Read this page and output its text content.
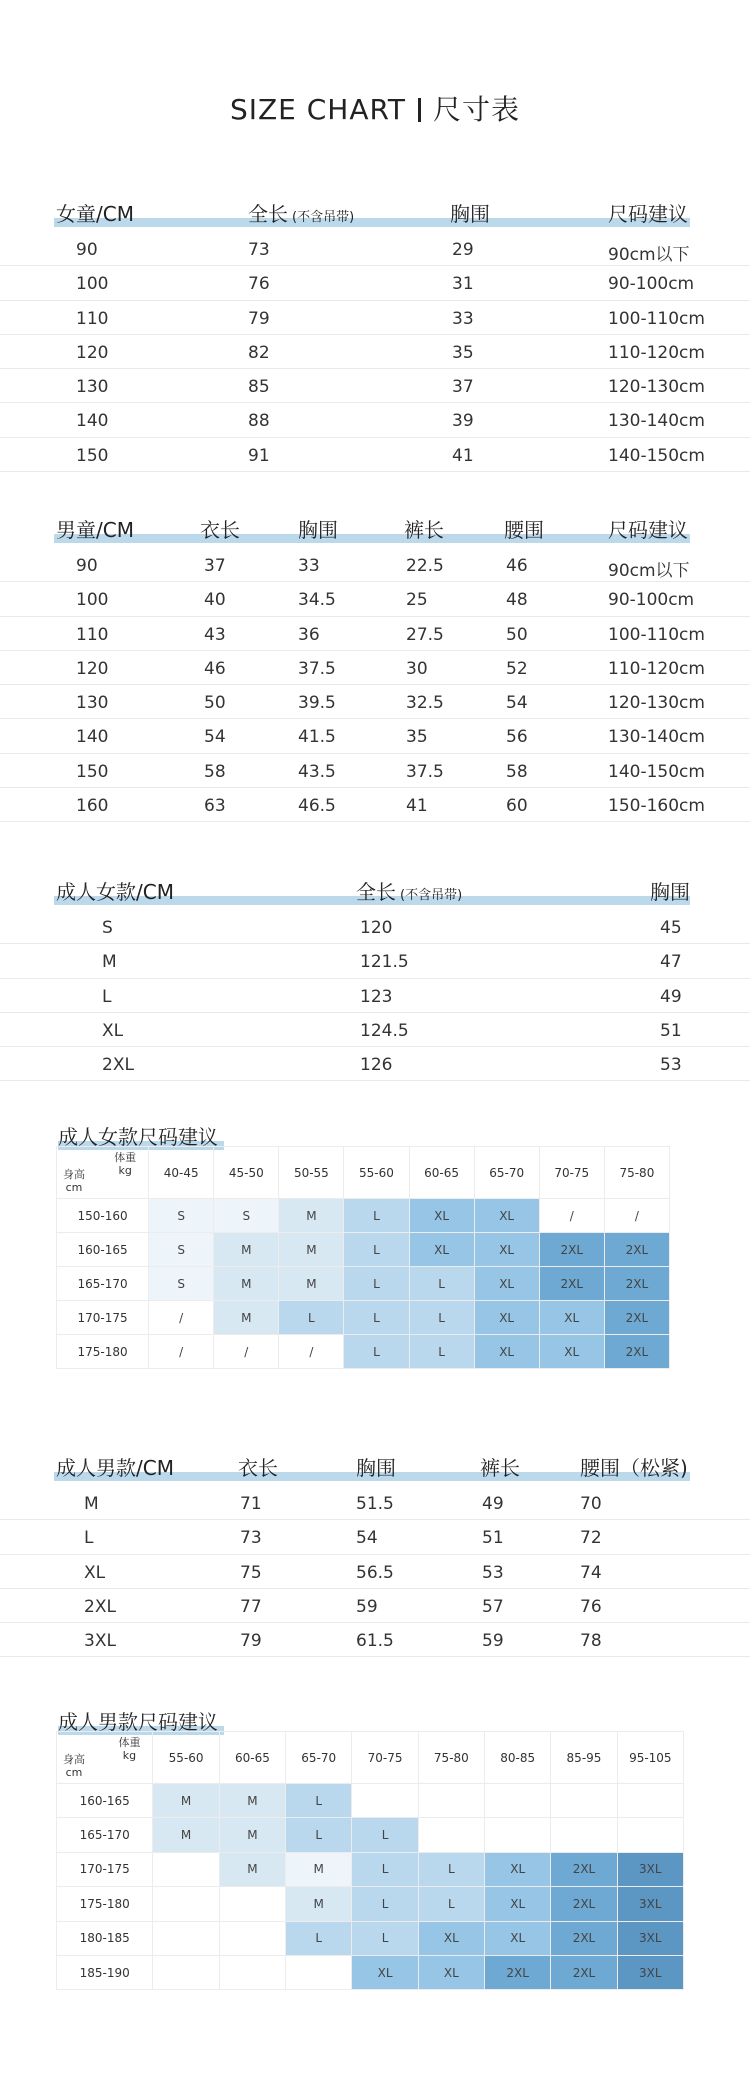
SIZE CHART 尺寸表
女童/CM	全长 (不含吊带)	胸围	尺码建议
90	73	29	90cm以下
100	76	31	90-100cm
110	79	33	100-110cm
120	82	35	110-120cm
130	85	37	120-130cm
140	88	39	130-140cm
150	91	41	140-150cm
男童/CM	衣长	胸围	裤长	腰围	尺码建议
90	37	33	22.5	46	90cm以下
100	40	34.5	25	48	90-100cm
110	43	36	27.5	50	100-110cm
120	46	37.5	30	52	110-120cm
130	50	39.5	32.5	54	120-130cm
140	54	41.5	35	56	130-140cm
150	58	43.5	37.5	58	140-150cm
160	63	46.5	41	60	150-160cm
成人女款/CM	全长 (不含吊带)	胸围
S	120	45
M	121.5	47
L	123	49
XL	124.5	51
2XL	126	53
成人女款尺码建议
体重
kg
身高
cm	40-45	45-50	50-55	55-60	60-65	65-70	70-75	75-80
150-160	S	S	M	L	XL	XL	/	/
160-165	S	M	M	L	XL	XL	2XL	2XL
165-170	S	M	M	L	L	XL	2XL	2XL
170-175	/	M	L	L	L	XL	XL	2XL
175-180	/	/	/	L	L	XL	XL	2XL
成人男款/CM	衣长	胸围	裤长	腰围（松紧)
M	71	51.5	49	70
L	73	54	51	72
XL	75	56.5	53	74
2XL	77	59	57	76
3XL	79	61.5	59	78
成人男款尺码建议
体重
kg
身高
cm	55-60	60-65	65-70	70-75	75-80	80-85	85-95	95-105
160-165	M	M	L					
165-170	M	M	L	L				
170-175		M	M	L	L	XL	2XL	3XL
175-180			M	L	L	XL	2XL	3XL
180-185			L	L	XL	XL	2XL	3XL
185-190				XL	XL	2XL	2XL	3XL
